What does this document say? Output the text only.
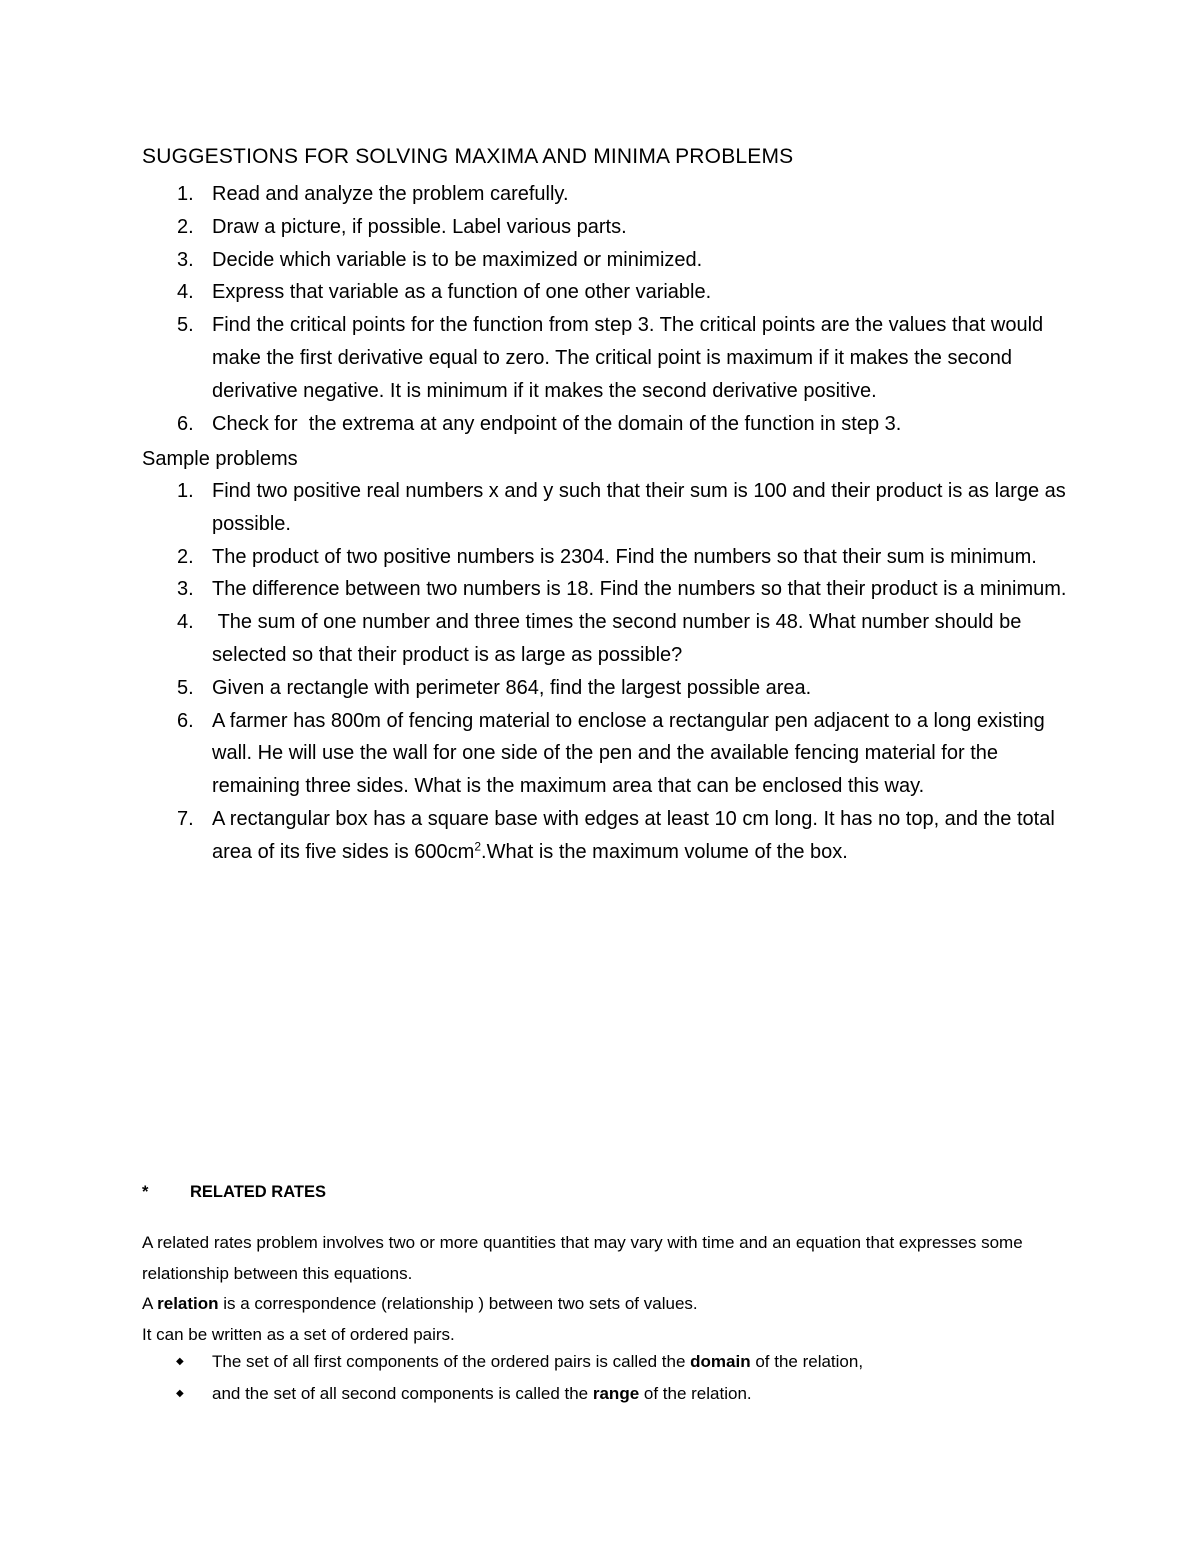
SUGGESTIONS FOR SOLVING MAXIMA AND MINIMA PROBLEMS
1. Read and analyze the problem carefully.
2. Draw a picture, if possible. Label various parts.
3. Decide which variable is to be maximized or minimized.
4. Express that variable as a function of one other variable.
5. Find the critical points for the function from step 3. The critical points are the values that would make the first derivative equal to zero. The critical point is maximum if it makes the second derivative negative. It is minimum if it makes the second derivative positive.
6. Check for  the extrema at any endpoint of the domain of the function in step 3.
Sample problems
1. Find two positive real numbers x and y such that their sum is 100 and their product is as large as possible.
2. The product of two positive numbers is 2304. Find the numbers so that their sum is minimum.
3. The difference between two numbers is 18. Find the numbers so that their product is a minimum.
4. The sum of one number and three times the second number is 48. What number should be selected so that their product is as large as possible?
5. Given a rectangle with perimeter 864, find the largest possible area.
6. A farmer has 800m of fencing material to enclose a rectangular pen adjacent to a long existing wall. He will use the wall for one side of the pen and the available fencing material for the remaining three sides. What is the maximum area that can be enclosed this way.
7. A rectangular box has a square base with edges at least 10 cm long. It has no top, and the total area of its five sides is $600cm^2.What$ is the maximum volume of the box.
*	RELATED RATES

A related rates problem involves two or more quantities that may vary with time and an equation that expresses some relationship between this equations.

A relation is a correspondence (relationship ) between two sets of values.

It can be written as a set of ordered pairs.

◆	The set of all first components of the ordered pairs is called the domain of the relation,
◆	and the set of all second components is called the range of the relation.
